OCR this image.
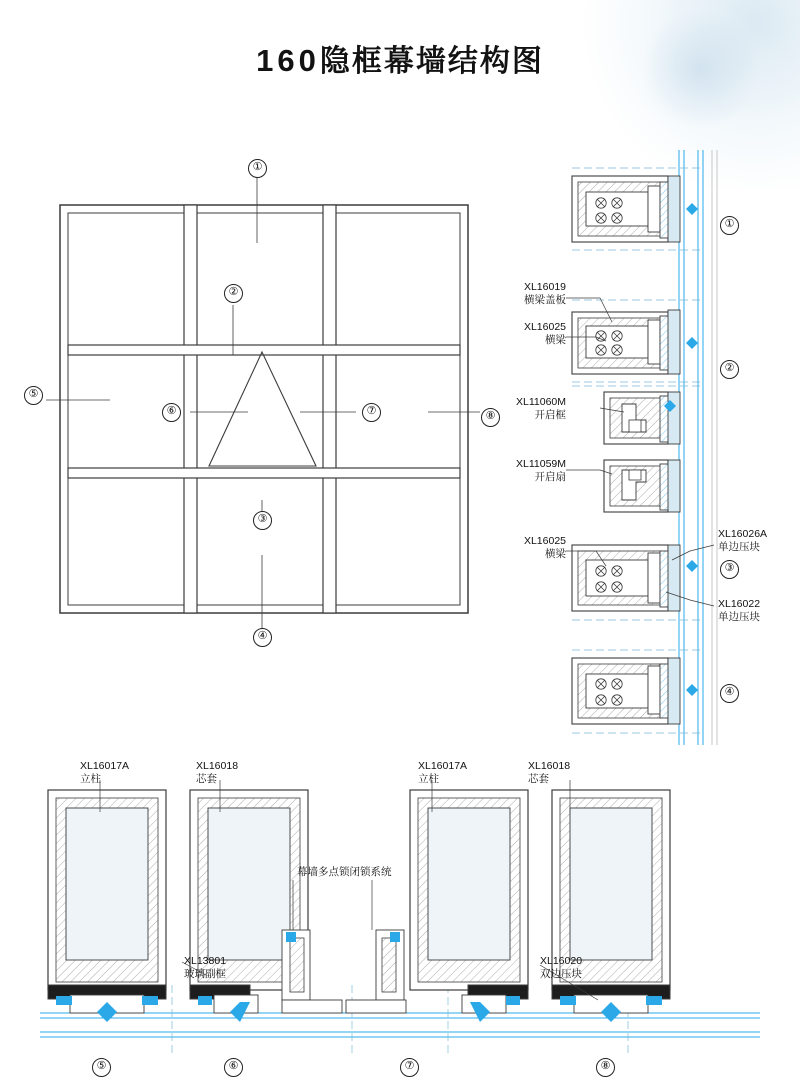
160隐框幕墙结构图
①
②
③
④
⑤
⑥	⑦	⑧
①
②
③
④
XL16019
横梁盖板
XL16025
横梁
XL11060M
开启框
XL11059M
开启扇
XL16025
横梁
XL16026A
单边压块
XL16022
单边压块
XL16017A
立柱
XL16018
芯套
XL16017A
立柱
XL16018
芯套
XL13801
玻璃副框
XL16020
双边压块
幕墙多点锁闭锁系统
⑤	⑥	⑦	⑧
